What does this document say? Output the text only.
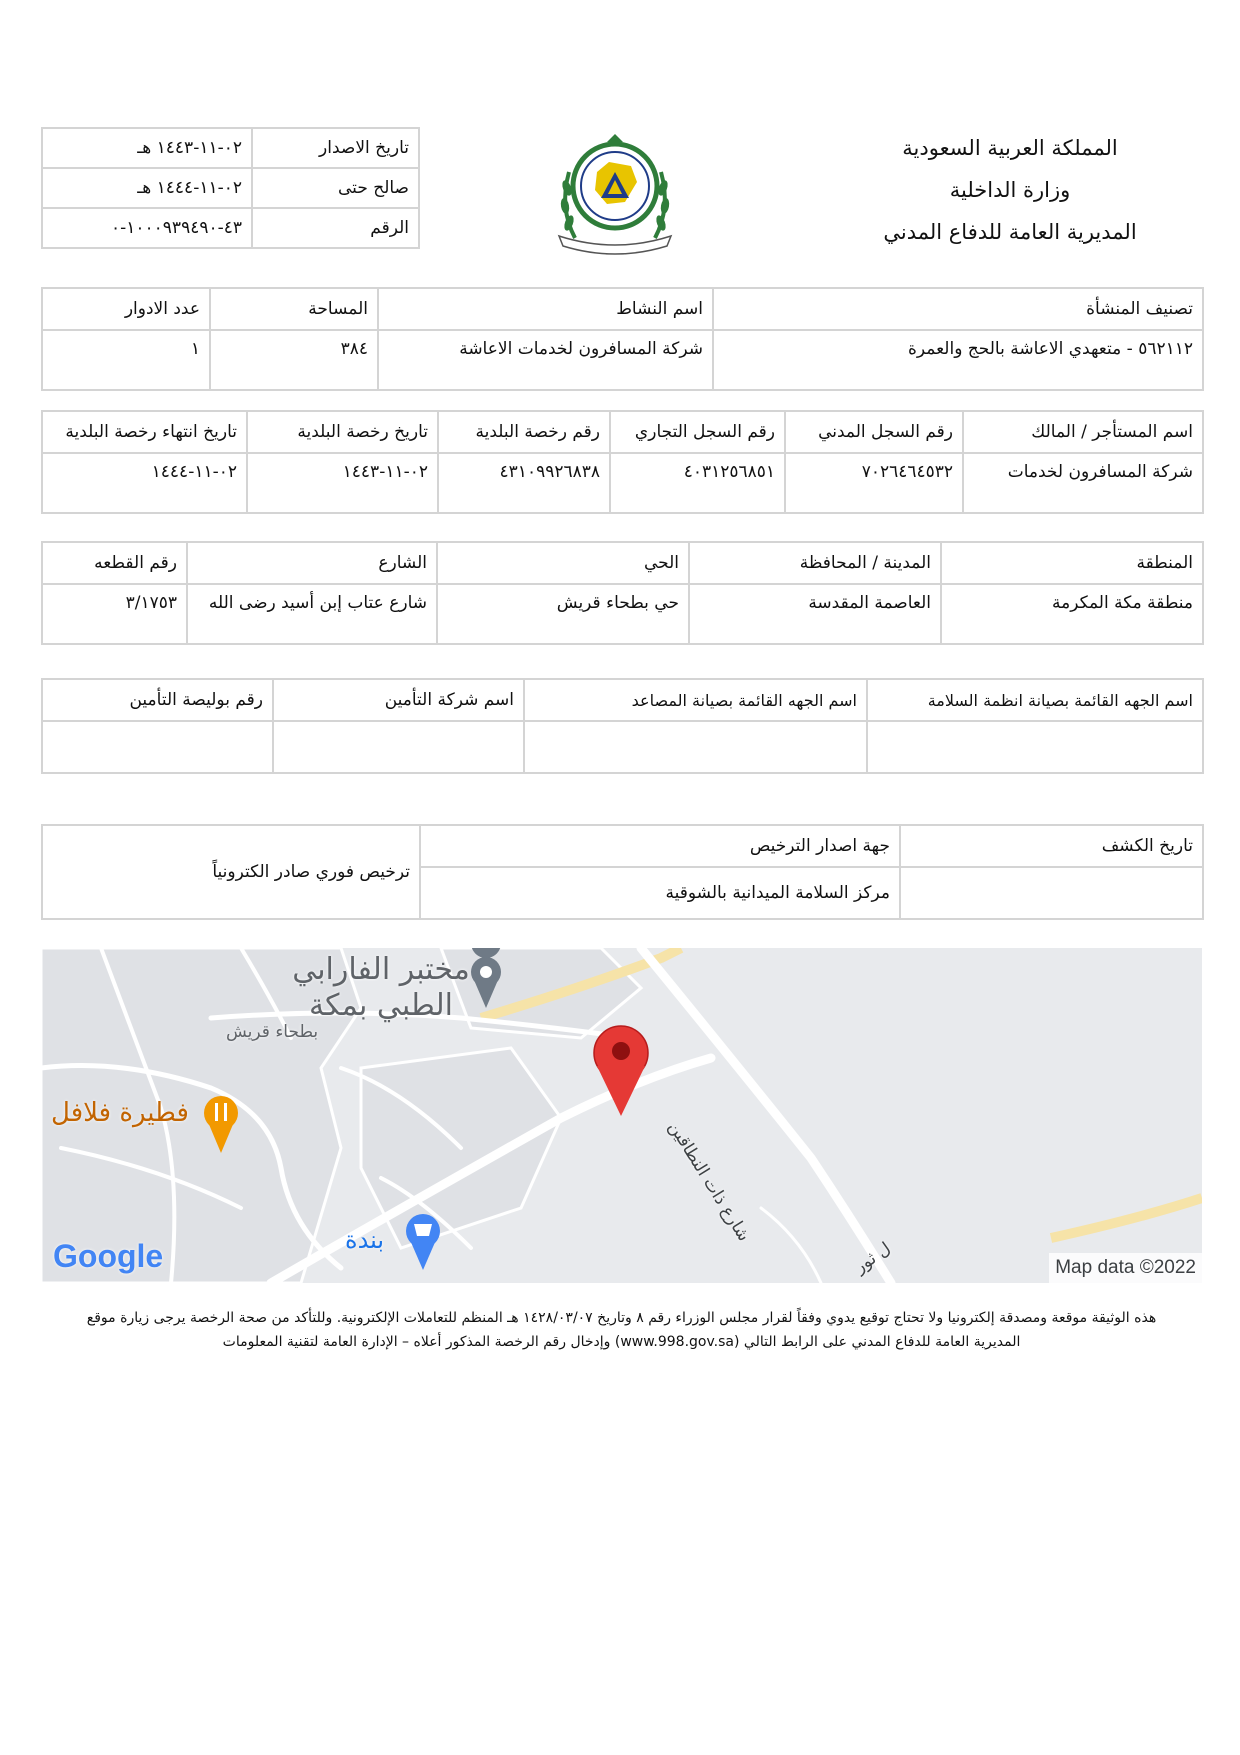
المملكة العربية السعودية
وزارة الداخلية
المديرية العامة للدفاع المدني
تاريخ الاصدار	٠٢-١١-١٤٤٣ هـ
صالح حتى	٠٢-١١-١٤٤٤ هـ
الرقم	٤٣-١٠٠٠٩٣٩٤٩٠-٠
تصنيف المنشأة	اسم النشاط	المساحة	عدد الادوار
٥٦٢١١٢ - متعهدي الاعاشة بالحج والعمرة	شركة المسافرون لخدمات الاعاشة	٣٨٤	١
اسم المستأجر / المالك	رقم السجل المدني	رقم السجل التجاري	رقم رخصة البلدية	تاريخ رخصة البلدية	تاريخ انتهاء رخصة البلدية
شركة المسافرون لخدمات	٧٠٢٦٤٦٤٥٣٢	٤٠٣١٢٥٦٨٥١	٤٣١٠٩٩٢٦٨٣٨	٠٢-١١-١٤٤٣	٠٢-١١-١٤٤٤
المنطقة	المدينة / المحافظة	الحي	الشارع	رقم القطعه
منطقة مكة المكرمة	العاصمة المقدسة	حي بطحاء قريش	شارع عتاب إبن أسيد رضى الله	٣/١٧٥٣
اسم الجهه القائمة بصيانة انظمة السلامة	اسم الجهه القائمة بصيانة المصاعد	اسم شركة التأمين	رقم بوليصة التأمين

تاريخ الكشف	جهة اصدار الترخيص	ترخيص فوري صادر الكترونياً
	مركز السلامة الميدانية بالشوقية	
مختبر الفارابي
الطبي بمكة
بطحاء قريش
فطيرة فلافل
بندة	شارع ذات النطاقين
ل ثور
Google	Map data ©2022
هذه الوثيقة موقعة ومصدقة إلكترونيا ولا تحتاج توقيع يدوي وفقاً لقرار مجلس الوزراء رقم ٨ وتاريخ ١٤٢٨/٠٣/٠٧ هـ المنظم للتعاملات الإلكترونية. وللتأكد من صحة الرخصة يرجى زيارة موقع
المديرية العامة للدفاع المدني على الرابط التالي (www.998.gov.sa) وإدخال رقم الرخصة المذكور أعلاه – الإدارة العامة لتقنية المعلومات
